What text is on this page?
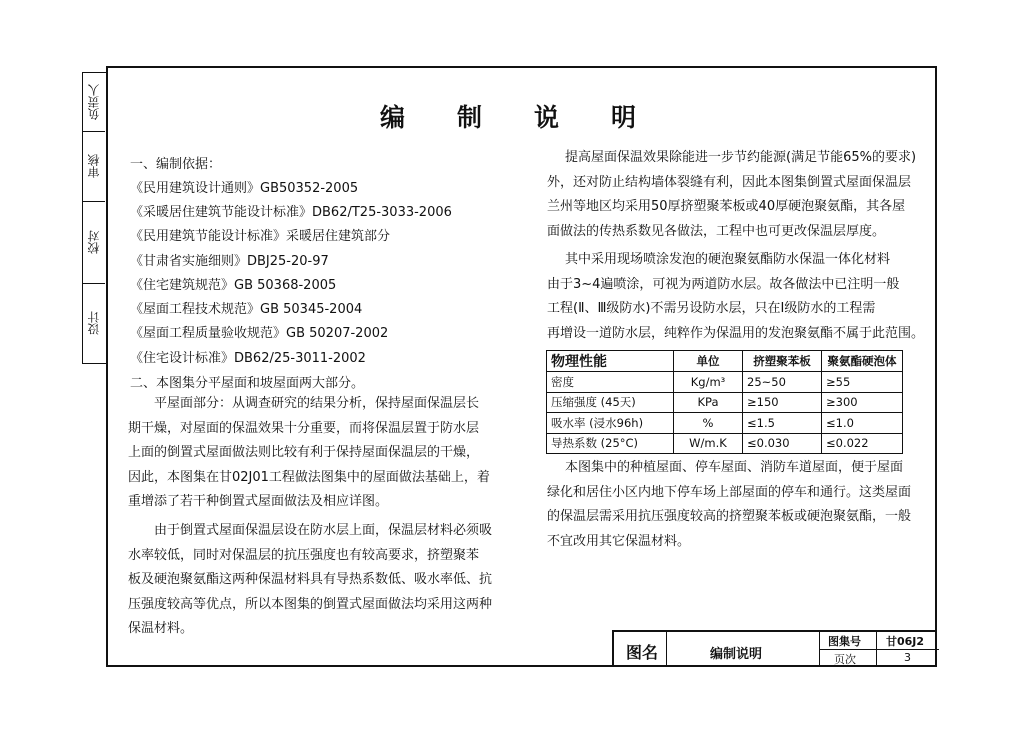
负责人
审核
校对
设计
编制说明
一、编制依据：
《民用建筑设计通则》GB50352-2005
《采暖居住建筑节能设计标准》DB62/T25-3033-2006
《民用建筑节能设计标准》采暖居住建筑部分
《甘肃省实施细则》DBJ25-20-97
《住宅建筑规范》GB 50368-2005
《屋面工程技术规范》GB 50345-2004
《屋面工程质量验收规范》GB 50207-2002
《住宅设计标准》DB62/25-3011-2002
二、本图集分平屋面和坡屋面两大部分。
平屋面部分：从调查研究的结果分析，保持屋面保温层长
期干燥，对屋面的保温效果十分重要，而将保温层置于防水层
上面的倒置式屋面做法则比较有利于保持屋面保温层的干燥，
因此，本图集在甘02J01工程做法图集中的屋面做法基础上，着
重增添了若干种倒置式屋面做法及相应详图。
由于倒置式屋面保温层设在防水层上面，保温层材料必须吸
水率较低，同时对保温层的抗压强度也有较高要求，挤塑聚苯
板及硬泡聚氨酯这两种保温材料具有导热系数低、吸水率低、抗
压强度较高等优点，所以本图集的倒置式屋面做法均采用这两种
保温材料。
提高屋面保温效果除能进一步节约能源(满足节能65%的要求)
外，还对防止结构墙体裂缝有利，因此本图集倒置式屋面保温层
兰州等地区均采用50厚挤塑聚苯板或40厚硬泡聚氨酯，其各屋
面做法的传热系数见各做法，工程中也可更改保温层厚度。
其中采用现场喷涂发泡的硬泡聚氨酯防水保温一体化材料
由于3~4遍喷涂，可视为两道防水层。故各做法中已注明一般
工程(Ⅱ、Ⅲ级防水)不需另设防水层，只在Ⅰ级防水的工程需
再增设一道防水层，纯粹作为保温用的发泡聚氨酯不属于此范围。
物理性能	单位	挤塑聚苯板	聚氨酯硬泡体
密度	Kg/m³	25~50	≥55
压缩强度 (45天)	KPa	≥150	≥300
吸水率 (浸水96h)	%	≤1.5	≤1.0
导热系数 (25°C)	W/m.K	≤0.030	≤0.022
本图集中的种植屋面、停车屋面、消防车道屋面，便于屋面
绿化和居住小区内地下停车场上部屋面的停车和通行。这类屋面
的保温层需采用抗压强度较高的挤塑聚苯板或硬泡聚氨酯，一般
不宜改用其它保温材料。
图名	编制说明
图集号 甘06J2
页次	3
